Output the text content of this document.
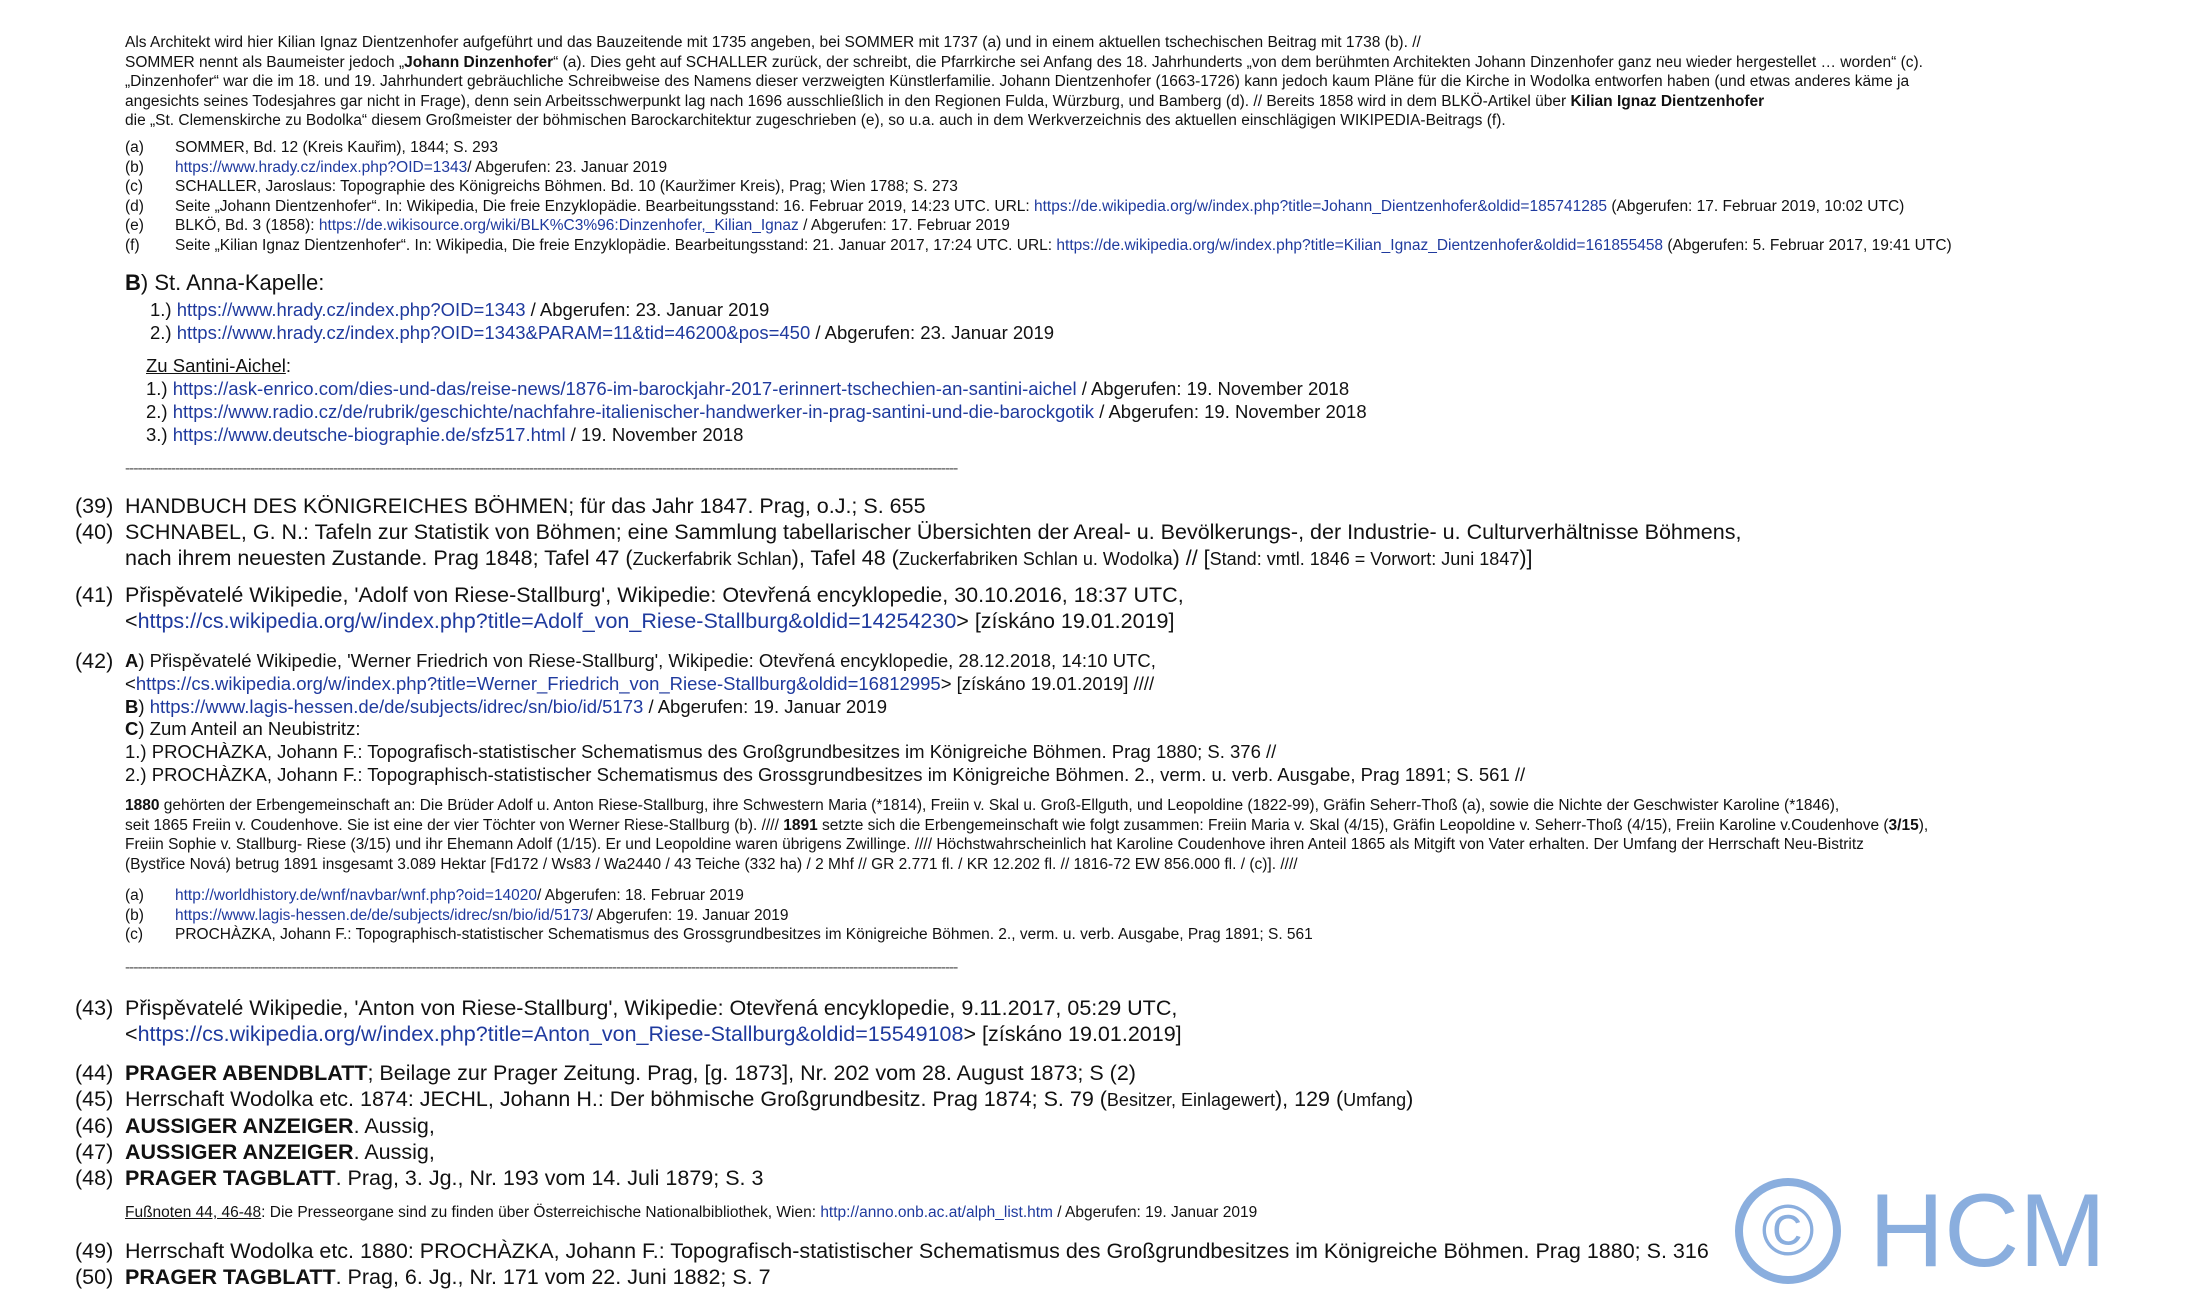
Als Architekt wird hier Kilian Ignaz Dientzenhofer aufgeführt und das Bauzeitende mit 1735 angeben, bei SOMMER mit 1737 (a) und in einem aktuellen tschechischen Beitrag mit 1738 (b). //
SOMMER nennt als Baumeister jedoch „Johann Dinzenhofer“ (a). Dies geht auf SCHALLER zurück, der schreibt, die Pfarrkirche sei Anfang des 18. Jahrhunderts „von dem berühmten Architekten Johann Dinzenhofer ganz neu wieder hergestellet … worden“ (c).
„Dinzenhofer“ war die im 18. und 19. Jahrhundert gebräuchliche Schreibweise des Namens dieser verzweigten Künstlerfamilie. Johann Dientzenhofer (1663-1726) kann jedoch kaum Pläne für die Kirche in Wodolka entworfen haben (und etwas anderes käme ja
angesichts seines Todesjahres gar nicht in Frage), denn sein Arbeitsschwerpunkt lag nach 1696 ausschließlich in den Regionen Fulda, Würzburg, und Bamberg (d). // Bereits 1858 wird in dem BLKÖ-Artikel über Kilian Ignaz Dientzenhofer
die „St. Clemenskirche zu Bodolka“ diesem Großmeister der böhmischen Barockarchitektur zugeschrieben (e), so u.a. auch in dem Werkverzeichnis des aktuellen einschlägigen WIKIPEDIA-Beitrags (f).
(a)	SOMMER, Bd. 12 (Kreis Kauřim), 1844; S. 293
(b)	https://www.hrady.cz/index.php?OID=1343 / Abgerufen: 23. Januar 2019
(c)	SCHALLER, Jaroslaus: Topographie des Königreichs Böhmen. Bd. 10 (Kauržimer Kreis), Prag; Wien 1788; S. 273
(d)	Seite „Johann Dientzenhofer“. In: Wikipedia, Die freie Enzyklopädie. Bearbeitungsstand: 16. Februar 2019, 14:23 UTC. URL: https://de.wikipedia.org/w/index.php?title=Johann_Dientzenhofer&oldid=185741285 (Abgerufen: 17. Februar 2019, 10:02 UTC)
(e)	BLKÖ, Bd. 3 (1858): https://de.wikisource.org/wiki/BLK%C3%96:Dinzenhofer,_Kilian_Ignaz / Abgerufen: 17. Februar 2019
(f)	Seite „Kilian Ignaz Dientzenhofer“. In: Wikipedia, Die freie Enzyklopädie. Bearbeitungsstand: 21. Januar 2017, 17:24 UTC. URL: https://de.wikipedia.org/w/index.php?title=Kilian_Ignaz_Dientzenhofer&oldid=161855458 (Abgerufen: 5. Februar 2017, 19:41 UTC)
B) St. Anna-Kapelle:
1.) https://www.hrady.cz/index.php?OID=1343 / Abgerufen: 23. Januar 2019
2.) https://www.hrady.cz/index.php?OID=1343&PARAM=11&tid=46200&pos=450 / Abgerufen: 23. Januar 2019
Zu Santini-Aichel:
1.) https://ask-enrico.com/dies-und-das/reise-news/1876-im-barockjahr-2017-erinnert-tschechien-an-santini-aichel / Abgerufen: 19. November 2018
2.) https://www.radio.cz/de/rubrik/geschichte/nachfahre-italienischer-handwerker-in-prag-santini-und-die-barockgotik / Abgerufen: 19. November 2018
3.) https://www.deutsche-biographie.de/sfz517.html / 19. November 2018
--------------------------------------------------------------------------------------------------------------------------------------------------------------------------------------------------------
(39) HANDBUCH DES KÖNIGREICHES BÖHMEN; für das Jahr 1847. Prag, o.J.; S. 655
(40) SCHNABEL, G. N.: Tafeln zur Statistik von Böhmen; eine Sammlung tabellarischer Übersichten der Areal- u. Bevölkerungs-, der Industrie- u. Culturverhältnisse Böhmens,
nach ihrem neuesten Zustande. Prag 1848; Tafel 47 (Zuckerfabrik Schlan), Tafel 48 (Zuckerfabriken Schlan u. Wodolka) // [Stand: vmtl. 1846 = Vorwort: Juni 1847)]
(41) Přispěvatelé Wikipedie, 'Adolf von Riese-Stallburg', Wikipedie: Otevřená encyklopedie, 30.10.2016, 18:37 UTC,
<https://cs.wikipedia.org/w/index.php?title=Adolf_von_Riese-Stallburg&oldid=14254230> [získáno 19.01.2019]
(42) A) Přispěvatelé Wikipedie, 'Werner Friedrich von Riese-Stallburg', Wikipedie: Otevřená encyklopedie, 28.12.2018, 14:10 UTC,
<https://cs.wikipedia.org/w/index.php?title=Werner_Friedrich_von_Riese-Stallburg&oldid=16812995> [získáno 19.01.2019] ////
B) https://www.lagis-hessen.de/de/subjects/idrec/sn/bio/id/5173 / Abgerufen: 19. Januar 2019
C) Zum Anteil an Neubistritz:
1.) PROCHÀZKA, Johann F.: Topografisch-statistischer Schematismus des Großgrundbesitzes im Königreiche Böhmen. Prag 1880; S. 376 //
2.) PROCHÀZKA, Johann F.: Topographisch-statistischer Schematismus des Grossgrundbesitzes im Königreiche Böhmen. 2., verm. u. verb. Ausgabe, Prag 1891; S. 561 //
1880 gehörten der Erbengemeinschaft an: Die Brüder Adolf u. Anton Riese-Stallburg, ihre Schwestern Maria (*1814), Freiin v. Skal u. Groß-Ellguth, und Leopoldine (1822-99), Gräfin Seherr-Thoß (a), sowie die Nichte der Geschwister Karoline (*1846),
seit 1865 Freiin v. Coudenhove. Sie ist eine der vier Töchter von Werner Riese-Stallburg (b). //// 1891 setzte sich die Erbengemeinschaft wie folgt zusammen: Freiin Maria v. Skal (4/15), Gräfin Leopoldine v. Seherr-Thoß (4/15), Freiin Karoline v.Coudenhove (3/15),
Freiin Sophie v. Stallburg- Riese (3/15) und ihr Ehemann Adolf (1/15). Er und Leopoldine waren übrigens Zwillinge. //// Höchstwahrscheinlich hat Karoline Coudenhove ihren Anteil 1865 als Mitgift von Vater erhalten. Der Umfang der Herrschaft Neu-Bistritz
(Bystřice Nová) betrug 1891 insgesamt 3.089 Hektar [Fd172 / Ws83 / Wa2440 / 43 Teiche (332 ha) / 2 Mhf // GR 2.771 fl. / KR 12.202 fl. // 1816-72 EW 856.000 fl. / (c)]. ////
(a)	http://worldhistory.de/wnf/navbar/wnf.php?oid=14020 / Abgerufen: 18. Februar 2019
(b)	https://www.lagis-hessen.de/de/subjects/idrec/sn/bio/id/5173 / Abgerufen: 19. Januar 2019
(c)	PROCHÀZKA, Johann F.: Topographisch-statistischer Schematismus des Grossgrundbesitzes im Königreiche Böhmen. 2., verm. u. verb. Ausgabe, Prag 1891; S. 561
--------------------------------------------------------------------------------------------------------------------------------------------------------------------------------------------------------
(43) Přispěvatelé Wikipedie, 'Anton von Riese-Stallburg', Wikipedie: Otevřená encyklopedie, 9.11.2017, 05:29 UTC,
<https://cs.wikipedia.org/w/index.php?title=Anton_von_Riese-Stallburg&oldid=15549108> [získáno 19.01.2019]
(44) PRAGER ABENDBLATT; Beilage zur Prager Zeitung. Prag, [g. 1873], Nr. 202 vom 28. August 1873; S (2)
(45) Herrschaft Wodolka etc. 1874: JECHL, Johann H.: Der böhmische Großgrundbesitz. Prag 1874; S. 79 (Besitzer, Einlagewert), 129 (Umfang)
(46) AUSSIGER ANZEIGER. Aussig,
(47) AUSSIGER ANZEIGER. Aussig,
(48) PRAGER TAGBLATT. Prag, 3. Jg., Nr. 193 vom 14. Juli 1879; S. 3
Fußnoten 44, 46-48: Die Presseorgane sind zu finden über Österreichische Nationalbibliothek, Wien: http://anno.onb.ac.at/alph_list.htm / Abgerufen: 19. Januar 2019
(49) Herrschaft Wodolka etc. 1880: PROCHÀZKA, Johann F.: Topografisch-statistischer Schematismus des Großgrundbesitzes im Königreiche Böhmen. Prag 1880; S. 316
(50) PRAGER TAGBLATT. Prag, 6. Jg., Nr. 171 vom 22. Juni 1882; S. 7
© HCM
